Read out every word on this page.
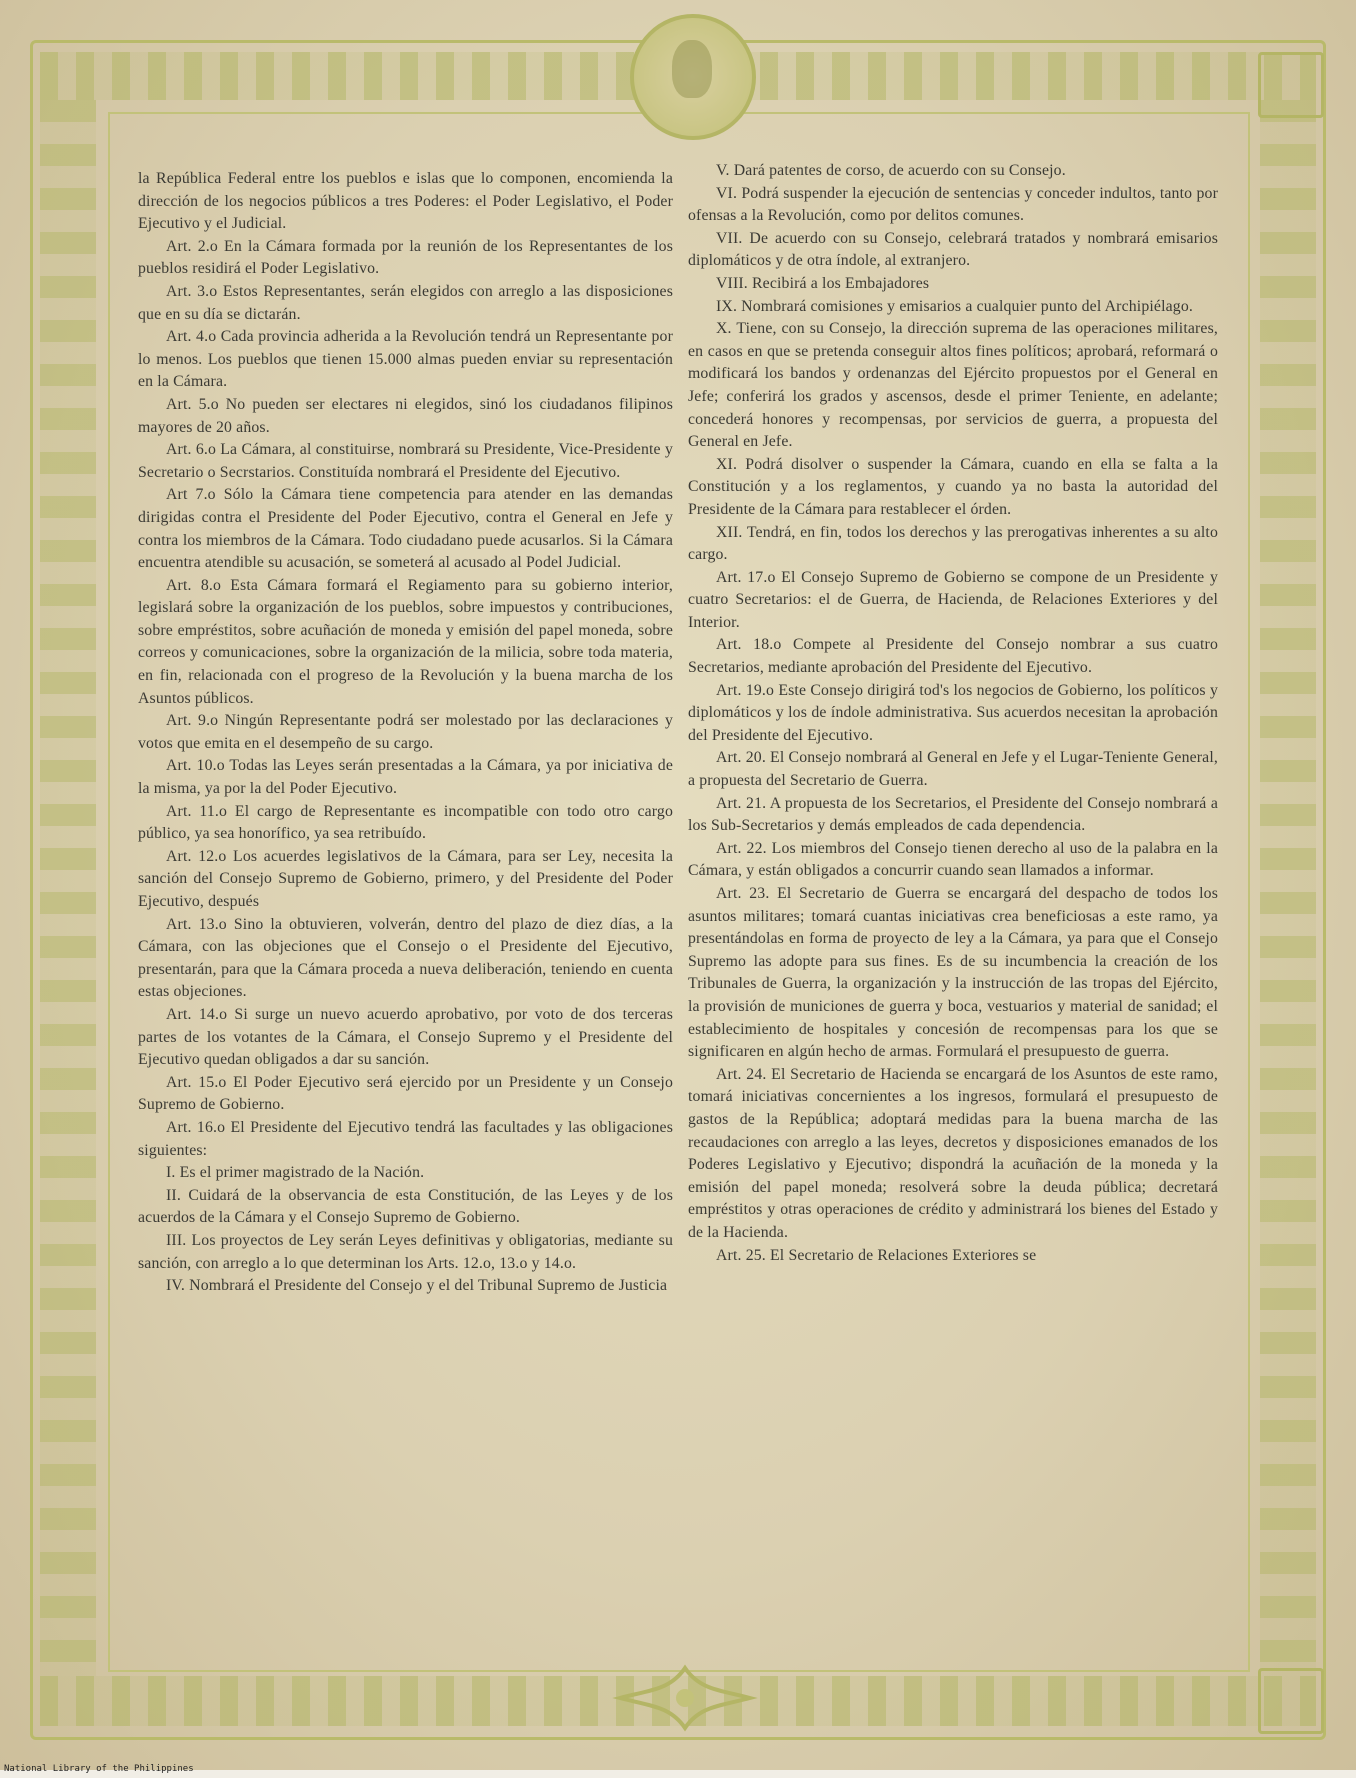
la República Federal entre los pueblos e islas que lo componen, encomienda la dirección de los negocios públicos a tres Poderes: el Poder Legislativo, el Poder Ejecutivo y el Judicial.

Art. 2.o En la Cámara formada por la reunión de los Representantes de los pueblos residirá el Poder Legislativo.

Art. 3.o Estos Representantes, serán elegidos con arreglo a las disposiciones que en su día se dictarán.

Art. 4.o Cada provincia adherida a la Revolución tendrá un Representante por lo menos. Los pueblos que tienen 15.000 almas pueden enviar su representación en la Cámara.

Art. 5.o No pueden ser electares ni elegidos, sinó los ciudadanos filipinos mayores de 20 años.

Art. 6.o La Cámara, al constituirse, nombrará su Presidente, Vice-Presidente y Secretario o Secrstarios. Constituída nombrará el Presidente del Ejecutivo.

Art 7.o Sólo la Cámara tiene competencia para atender en las demandas dirigidas contra el Presidente del Poder Ejecutivo, contra el General en Jefe y contra los miembros de la Cámara. Todo ciudadano puede acusarlos. Si la Cámara encuentra atendible su acusación, se someterá al acusado al Podel Judicial.

Art. 8.o Esta Cámara formará el Regiamento para su gobierno interior, legislará sobre la organización de los pueblos, sobre impuestos y contribuciones, sobre empréstitos, sobre acuñación de moneda y emisión del papel moneda, sobre correos y comunicaciones, sobre la organización de la milicia, sobre toda materia, en fin, relacionada con el progreso de la Revolución y la buena marcha de los Asuntos públicos.

Art. 9.o Ningún Representante podrá ser molestado por las declaraciones y votos que emita en el desempeño de su cargo.

Art. 10.o Todas las Leyes serán presentadas a la Cámara, ya por iniciativa de la misma, ya por la del Poder Ejecutivo.

Art. 11.o El cargo de Representante es incompatible con todo otro cargo público, ya sea honorífico, ya sea retribuído.

Art. 12.o Los acuerdes legislativos de la Cámara, para ser Ley, necesita la sanción del Consejo Supremo de Gobierno, primero, y del Presidente del Poder Ejecutivo, después

Art. 13.o Sino la obtuvieren, volverán, dentro del plazo de diez días, a la Cámara, con las objeciones que el Consejo o el Presidente del Ejecutivo, presentarán, para que la Cámara proceda a nueva deliberación, teniendo en cuenta estas objeciones.

Art. 14.o Si surge un nuevo acuerdo aprobativo, por voto de dos terceras partes de los votantes de la Cámara, el Consejo Supremo y el Presidente del Ejecutivo quedan obligados a dar su sanción.

Art. 15.o El Poder Ejecutivo será ejercido por un Presidente y un Consejo Supremo de Gobierno.

Art. 16.o El Presidente del Ejecutivo tendrá las facultades y las obligaciones siguientes:

I. Es el primer magistrado de la Nación.

II. Cuidará de la observancia de esta Constitución, de las Leyes y de los acuerdos de la Cámara y el Consejo Supremo de Gobierno.

III. Los proyectos de Ley serán Leyes definitivas y obligatorias, mediante su sanción, con arreglo a lo que determinan los Arts. 12.o, 13.o y 14.o.

IV. Nombrará el Presidente del Consejo y el del Tribunal Supremo de Justicia

V. Dará patentes de corso, de acuerdo con su Consejo.

VI. Podrá suspender la ejecución de sentencias y conceder indultos, tanto por ofensas a la Revolución, como por delitos comunes.

VII. De acuerdo con su Consejo, celebrará tratados y nombrará emisarios diplomáticos y de otra índole, al extranjero.

VIII. Recibirá a los Embajadores

IX. Nombrará comisiones y emisarios a cualquier punto del Archipiélago.

X. Tiene, con su Consejo, la dirección suprema de las operaciones militares, en casos en que se pretenda conseguir altos fines políticos; aprobará, reformará o modificará los bandos y ordenanzas del Ejército propuestos por el General en Jefe; conferirá los grados y ascensos, desde el primer Teniente, en adelante; concederá honores y recompensas, por servicios de guerra, a propuesta del General en Jefe.

XI. Podrá disolver o suspender la Cámara, cuando en ella se falta a la Constitución y a los reglamentos, y cuando ya no basta la autoridad del Presidente de la Cámara para restablecer el órden.

XII. Tendrá, en fin, todos los derechos y las prerogativas inherentes a su alto cargo.

Art. 17.o El Consejo Supremo de Gobierno se compone de un Presidente y cuatro Secretarios: el de Guerra, de Hacienda, de Relaciones Exteriores y del Interior.

Art. 18.o Compete al Presidente del Consejo nombrar a sus cuatro Secretarios, mediante aprobación del Presidente del Ejecutivo.

Art. 19.o Este Consejo dirigirá tod's los negocios de Gobierno, los políticos y diplomáticos y los de índole administrativa. Sus acuerdos necesitan la aprobación del Presidente del Ejecutivo.

Art. 20. El Consejo nombrará al General en Jefe y el Lugar-Teniente General, a propuesta del Secretario de Guerra.

Art. 21. A propuesta de los Secretarios, el Presidente del Consejo nombrará a los Sub-Secretarios y demás empleados de cada dependencia.

Art. 22. Los miembros del Consejo tienen derecho al uso de la palabra en la Cámara, y están obligados a concurrir cuando sean llamados a informar.

Art. 23. El Secretario de Guerra se encargará del despacho de todos los asuntos militares; tomará cuantas iniciativas crea beneficiosas a este ramo, ya presentándolas en forma de proyecto de ley a la Cámara, ya para que el Consejo Supremo las adopte para sus fines. Es de su incumbencia la creación de los Tribunales de Guerra, la organización y la instrucción de las tropas del Ejército, la provisión de municiones de guerra y boca, vestuarios y material de sanidad; el establecimiento de hospitales y concesión de recompensas para los que se significaren en algún hecho de armas. Formulará el presupuesto de guerra.

Art. 24. El Secretario de Hacienda se encargará de los Asuntos de este ramo, tomará iniciativas concernientes a los ingresos, formulará el presupuesto de gastos de la República; adoptará medidas para la buena marcha de las recaudaciones con arreglo a las leyes, decretos y disposiciones emanados de los Poderes Legislativo y Ejecutivo; dispondrá la acuñación de la moneda y la emisión del papel moneda; resolverá sobre la deuda pública; decretará empréstitos y otras operaciones de crédito y administrará los bienes del Estado y de la Hacienda.

Art. 25. El Secretario de Relaciones Exteriores se

National Library of the Philippines
